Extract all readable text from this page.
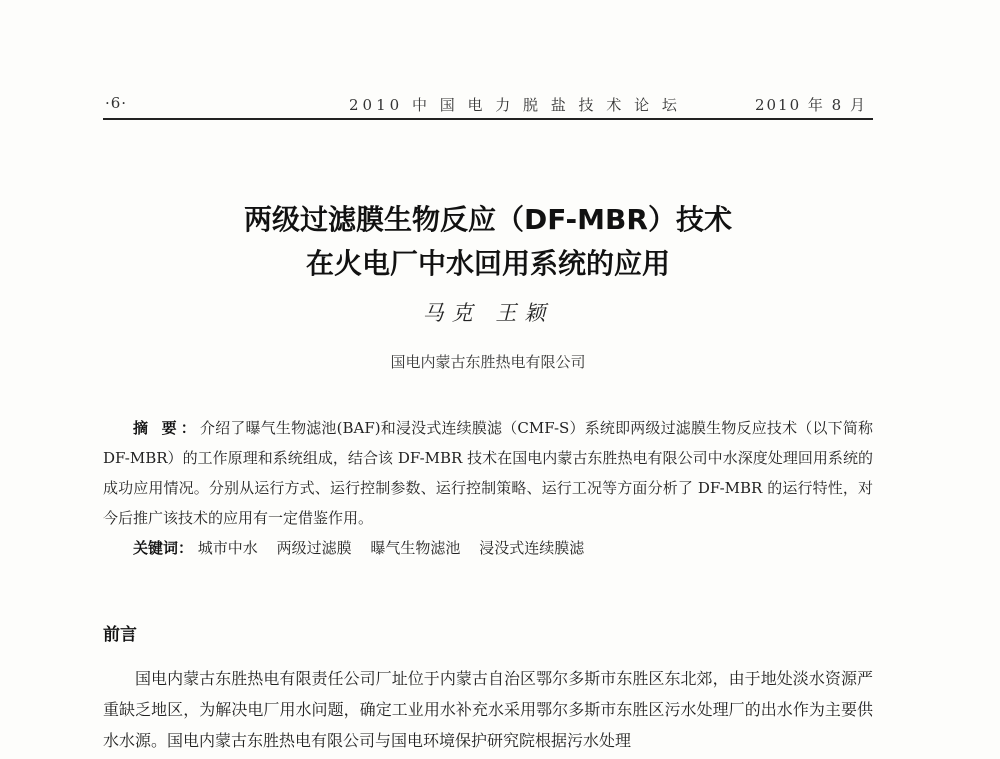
·6·	2010 中 国 电 力 脱 盐 技 术 论 坛	2010 年 8 月
两级过滤膜生物反应（DF-MBR）技术
在火电厂中水回用系统的应用
马克 王颖
国电内蒙古东胜热电有限公司
摘 要：介绍了曝气生物滤池(BAF)和浸没式连续膜滤（CMF-S）系统即两级过滤膜生物反应技术（以下简称 DF-MBR）的工作原理和系统组成，结合该 DF-MBR 技术在国电内蒙古东胜热电有限公司中水深度处理回用系统的成功应用情况。分别从运行方式、运行控制参数、运行控制策略、运行工况等方面分析了 DF-MBR 的运行特性，对今后推广该技术的应用有一定借鉴作用。
关键词： 城市中水 两级过滤膜 曝气生物滤池 浸没式连续膜滤
前言
国电内蒙古东胜热电有限责任公司厂址位于内蒙古自治区鄂尔多斯市东胜区东北郊，由于地处淡水资源严重缺乏地区，为解决电厂用水问题，确定工业用水补充水采用鄂尔多斯市东胜区污水处理厂的出水作为主要供水水源。国电内蒙古东胜热电有限公司与国电环境保护研究院根据污水处理
